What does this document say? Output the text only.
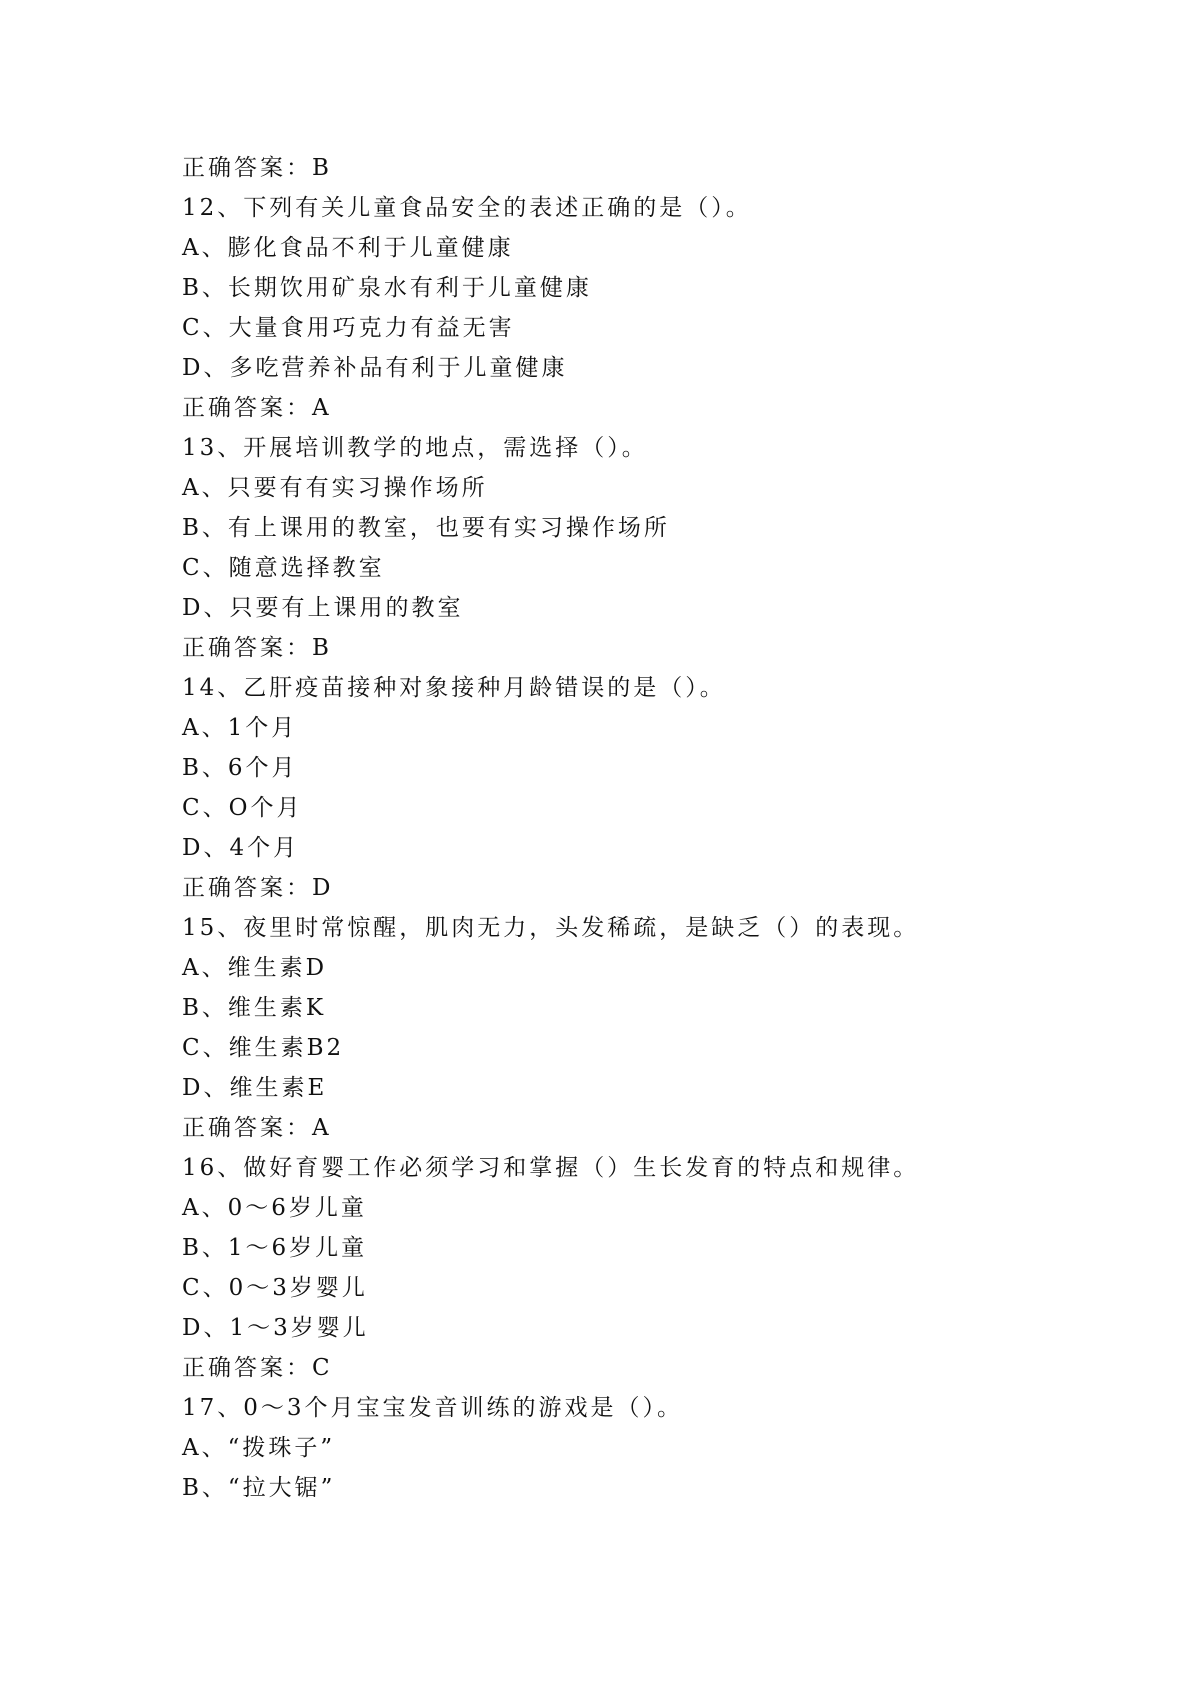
正确答案：B
12、下列有关儿童食品安全的表述正确的是（）。
A、膨化食品不利于儿童健康
B、长期饮用矿泉水有利于儿童健康
C、大量食用巧克力有益无害
D、多吃营养补品有利于儿童健康
正确答案：A
13、开展培训教学的地点，需选择（）。
A、只要有有实习操作场所
B、有上课用的教室，也要有实习操作场所
C、随意选择教室
D、只要有上课用的教室
正确答案：B
14、乙肝疫苗接种对象接种月龄错误的是（）。
A、1个月
B、6个月
C、O个月
D、4个月
正确答案：D
15、夜里时常惊醒，肌肉无力，头发稀疏，是缺乏（）的表现。
A、维生素D
B、维生素K
C、维生素B2
D、维生素E
正确答案：A
16、做好育婴工作必须学习和掌握（）生长发育的特点和规律。
A、0～6岁儿童
B、1～6岁儿童
C、0～3岁婴儿
D、1～3岁婴儿
正确答案：C
17、0～3个月宝宝发音训练的游戏是（）。
A、“拨珠子”
B、“拉大锯”
